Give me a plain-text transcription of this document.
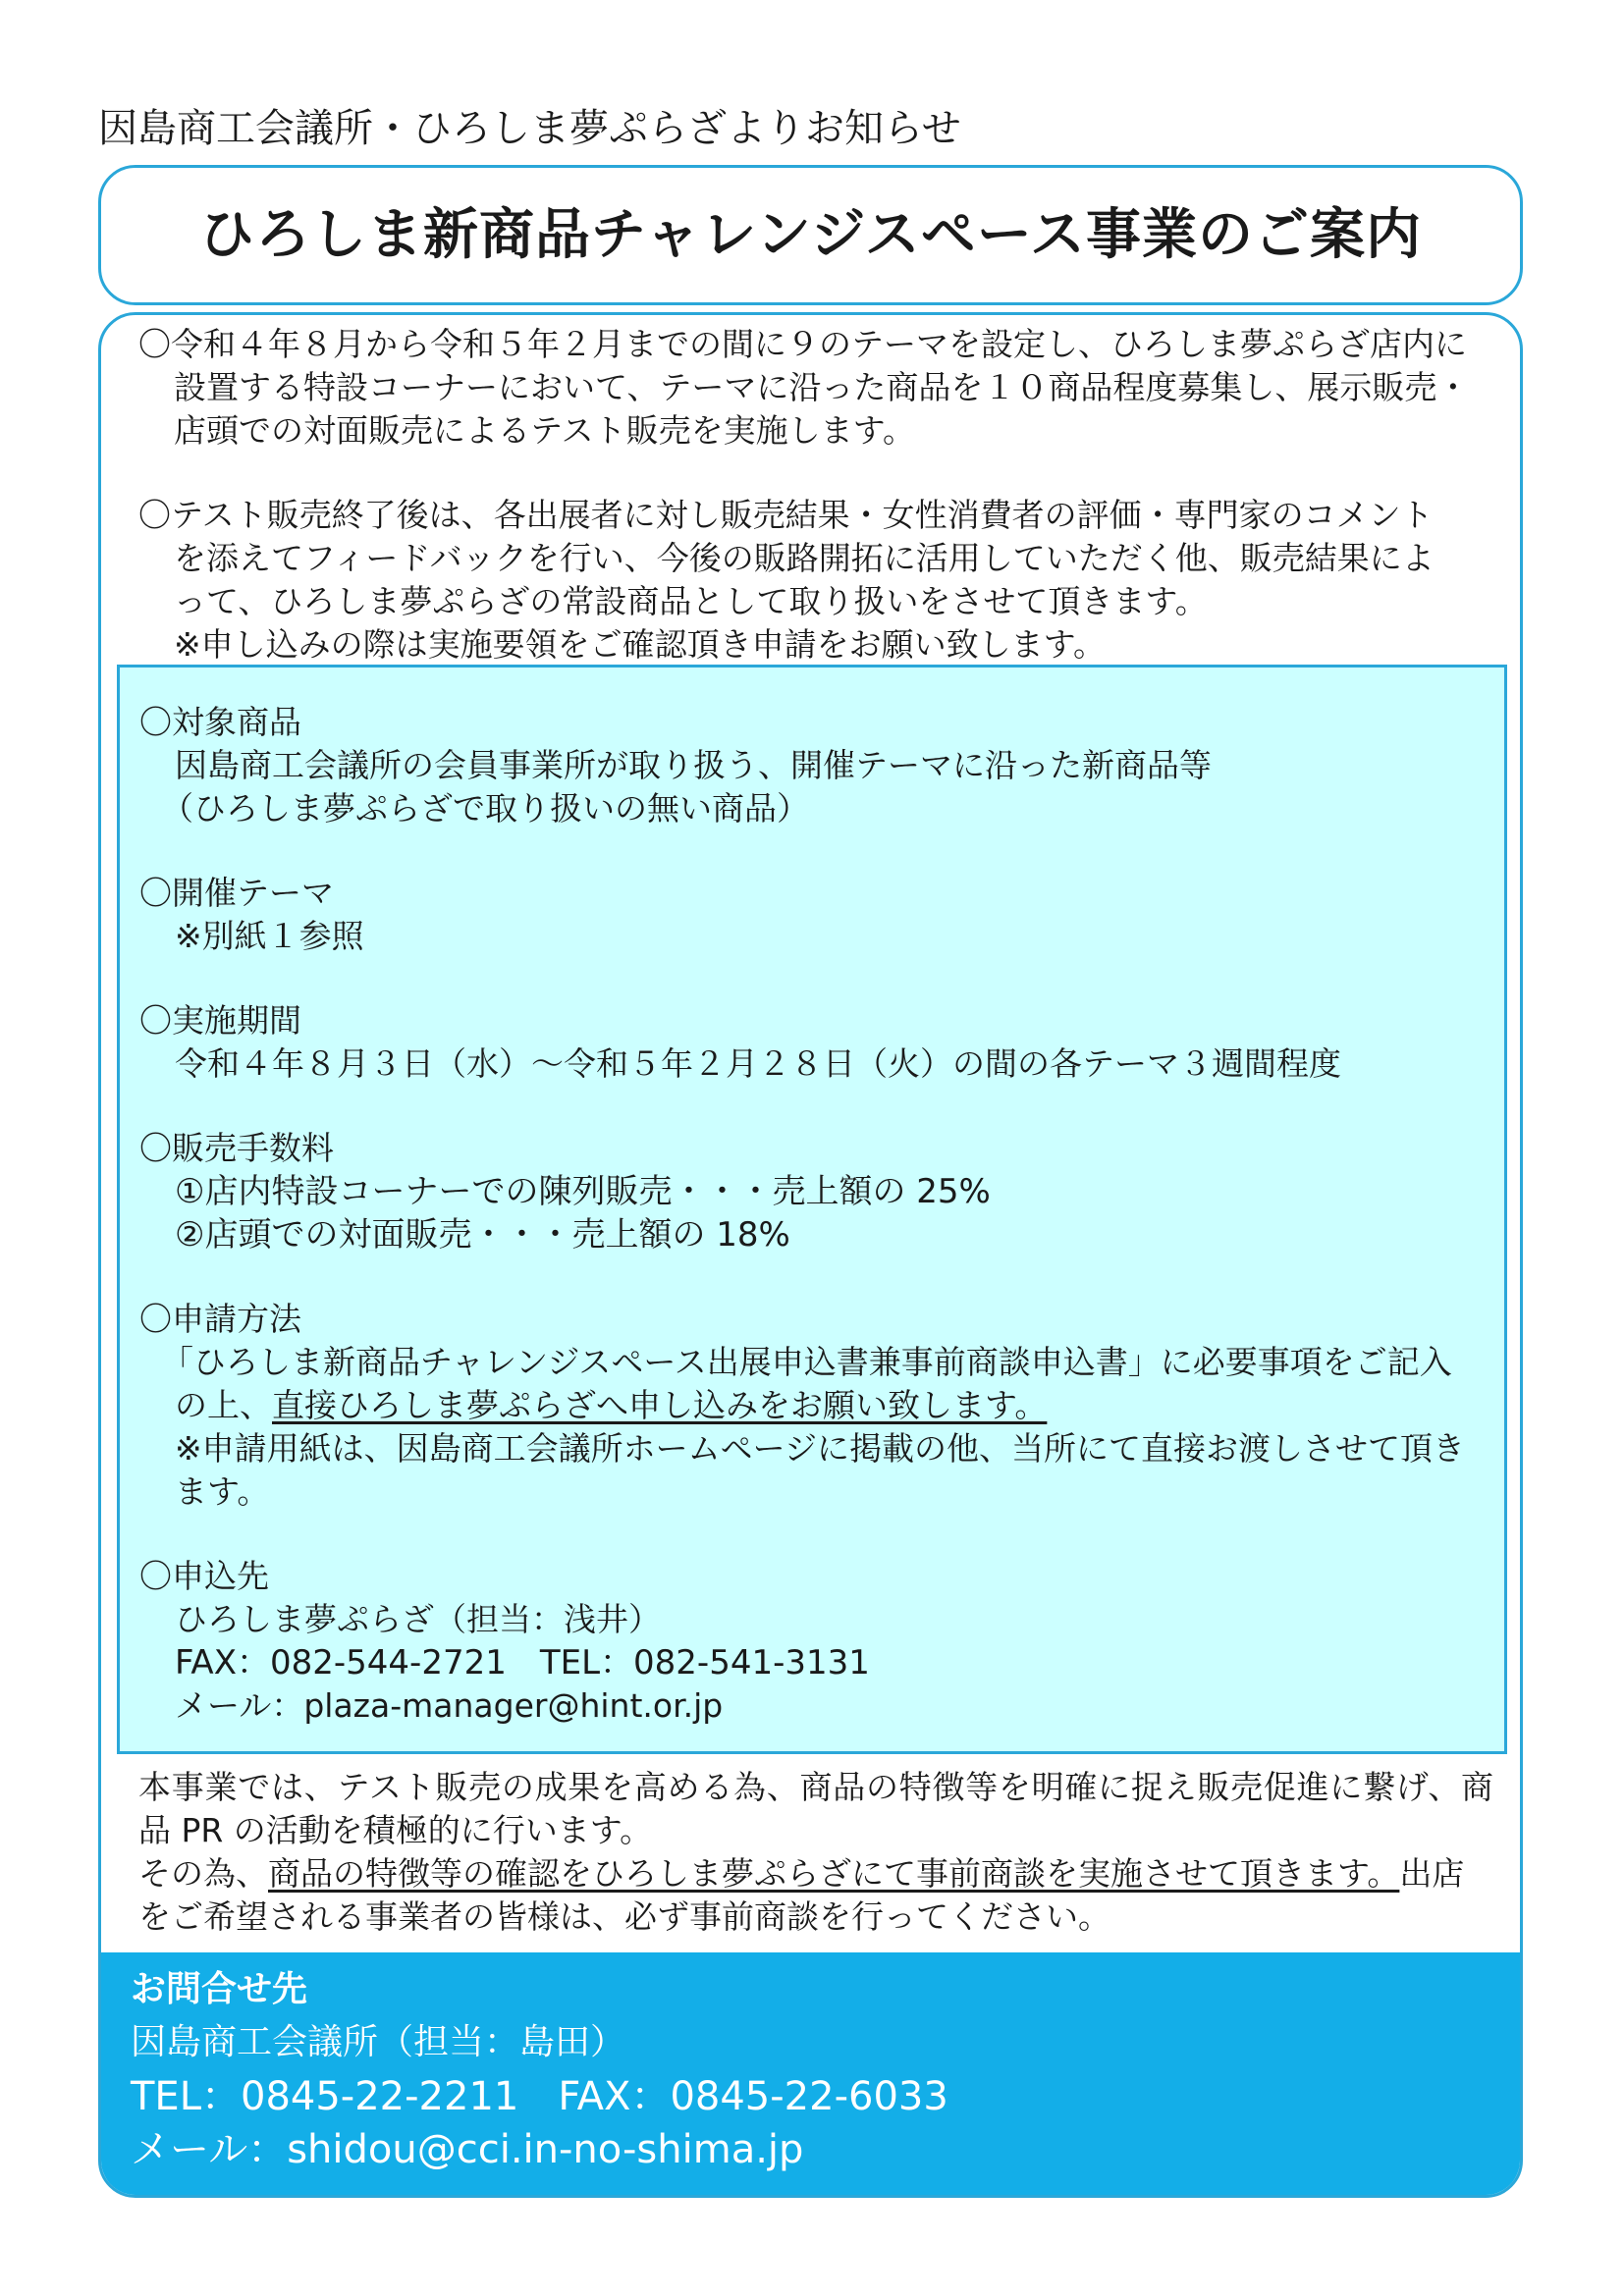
因島商工会議所・ひろしま夢ぷらざよりお知らせ
ひろしま新商品チャレンジスペース事業のご案内

〇令和４年８月から令和５年２月までの間に９のテーマを設定し、ひろしま夢ぷらざ店内に

設置する特設コーナーにおいて、テーマに沿った商品を１０商品程度募集し、展示販売・

店頭での対面販売によるテスト販売を実施します。

〇テスト販売終了後は、各出展者に対し販売結果・女性消費者の評価・専門家のコメント

を添えてフィードバックを行い、今後の販路開拓に活用していただく他、販売結果によ

って、ひろしま夢ぷらざの常設商品として取り扱いをさせて頂きます。

※申し込みの際は実施要領をご確認頂き申請をお願い致します。

〇対象商品

因島商工会議所の会員事業所が取り扱う、開催テーマに沿った新商品等

（ひろしま夢ぷらざで取り扱いの無い商品）

〇開催テーマ

※別紙１参照

〇実施期間

令和４年８月３日（水）～令和５年２月２８日（火）の間の各テーマ３週間程度

〇販売手数料

①店内特設コーナーでの陳列販売・・・売上額の 25%

②店頭での対面販売・・・売上額の 18%

〇申請方法

「ひろしま新商品チャレンジスペース出展申込書兼事前商談申込書」に必要事項をご記入

の上、直接ひろしま夢ぷらざへ申し込みをお願い致します。

※申請用紙は、因島商工会議所ホームページに掲載の他、当所にて直接お渡しさせて頂き

ます。

〇申込先

ひろしま夢ぷらざ（担当：浅井）

FAX：082-544-2721　TEL：082-541-3131

メール：plaza-manager@hint.or.jp

本事業では、テスト販売の成果を高める為、商品の特徴等を明確に捉え販売促進に繋げ、商

品 PR の活動を積極的に行います。

その為、商品の特徴等の確認をひろしま夢ぷらざにて事前商談を実施させて頂きます。出店

をご希望される事業者の皆様は、必ず事前商談を行ってください。

お問合せ先
因島商工会議所（担当：島田）
TEL：0845-22-2211　FAX：0845-22-6033
メール：shidou@cci.in-no-shima.jp
